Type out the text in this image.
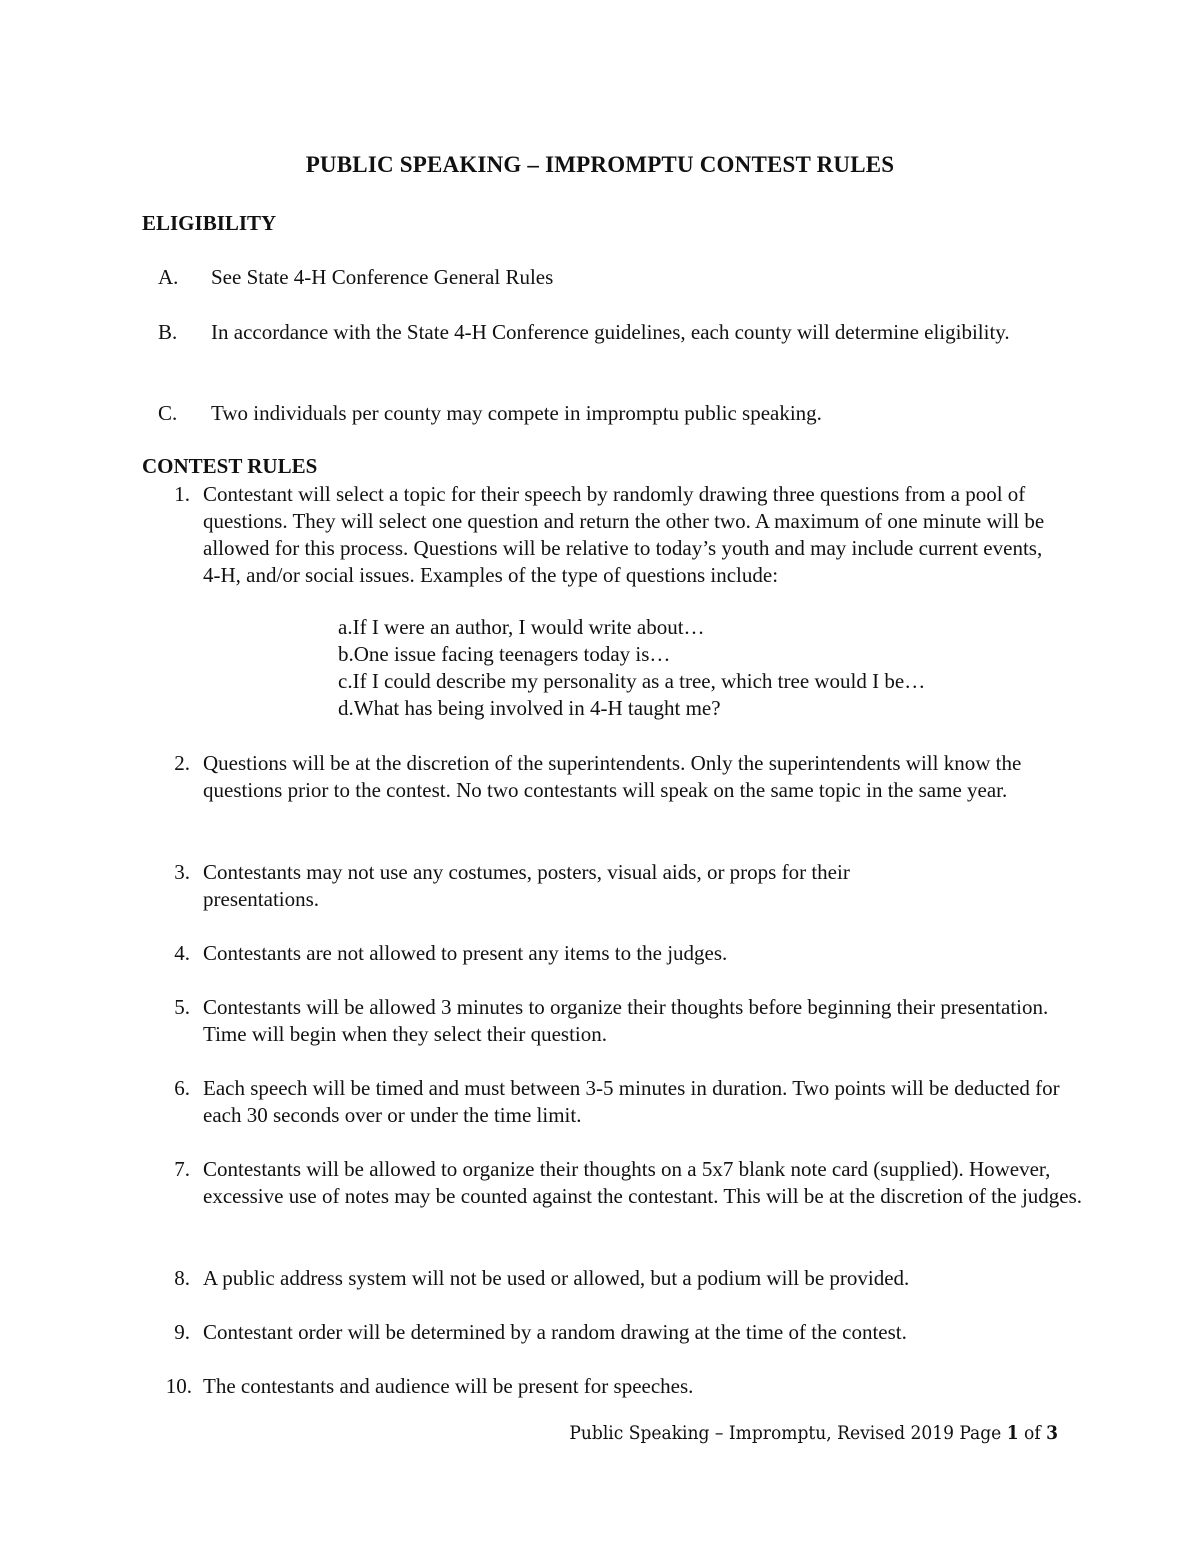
PUBLIC SPEAKING – IMPROMPTU CONTEST RULES
ELIGIBILITY
A. See State 4-H Conference General Rules
B. In accordance with the State 4-H Conference guidelines, each county will determine eligibility.
C. Two individuals per county may compete in impromptu public speaking.
CONTEST RULES
1. Contestant will select a topic for their speech by randomly drawing three questions from a pool of questions. They will select one question and return the other two. A maximum of one minute will be allowed for this process. Questions will be relative to today’s youth and may include current events, 4-H, and/or social issues. Examples of the type of questions include:
a.If I were an author, I would write about…
b.One issue facing teenagers today is…
c.If I could describe my personality as a tree, which tree would I be…
d.What has being involved in 4-H taught me?
2. Questions will be at the discretion of the superintendents. Only the superintendents will know the questions prior to the contest. No two contestants will speak on the same topic in the same year.
3. Contestants may not use any costumes, posters, visual aids, or props for their presentations.
4. Contestants are not allowed to present any items to the judges.
5. Contestants will be allowed 3 minutes to organize their thoughts before beginning their presentation. Time will begin when they select their question.
6. Each speech will be timed and must between 3-5 minutes in duration. Two points will be deducted for each 30 seconds over or under the time limit.
7. Contestants will be allowed to organize their thoughts on a 5x7 blank note card (supplied). However, excessive use of notes may be counted against the contestant. This will be at the discretion of the judges.
8. A public address system will not be used or allowed, but a podium will be provided.
9. Contestant order will be determined by a random drawing at the time of the contest.
10. The contestants and audience will be present for speeches.
Public Speaking – Impromptu, Revised 2019 Page 1 of 3
